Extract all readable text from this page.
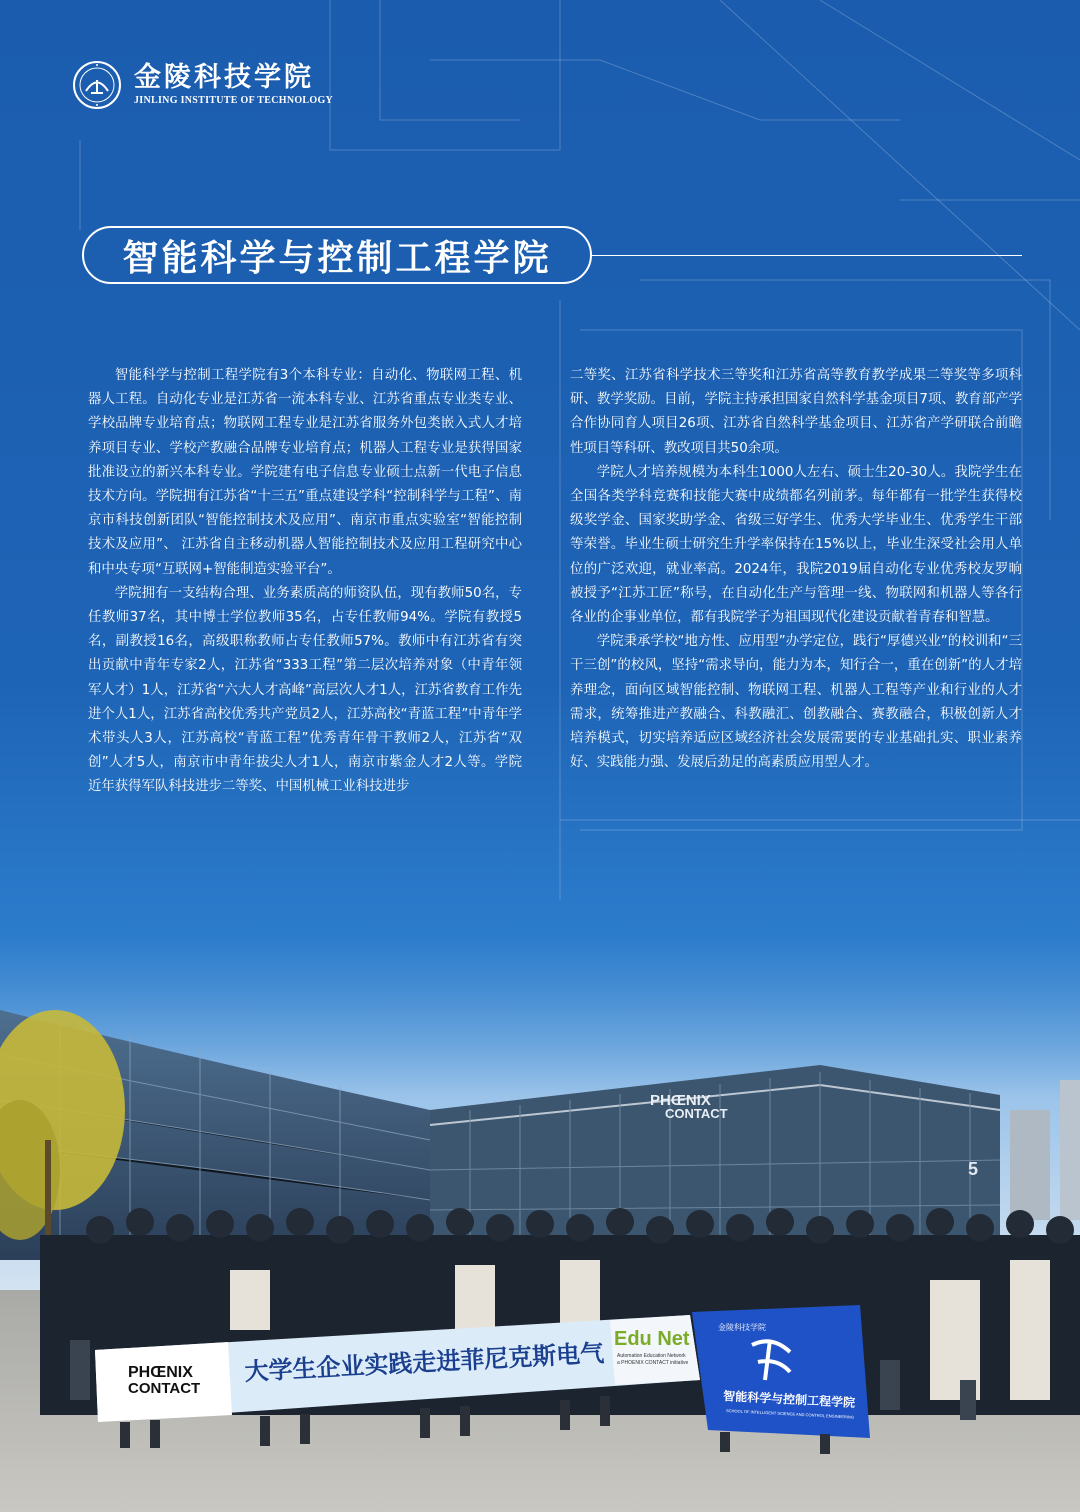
金陵科技学院
JINLING INSTITUTE OF TECHNOLOGY
智能科学与控制工程学院

智能科学与控制工程学院有3个本科专业：自动化、物联网工程、机器人工程。自动化专业是江苏省一流本科专业、江苏省重点专业类专业、学校品牌专业培育点；物联网工程专业是江苏省服务外包类嵌入式人才培养项目专业、学校产教融合品牌专业培育点；机器人工程专业是获得国家批准设立的新兴本科专业。学院建有电子信息专业硕士点新一代电子信息技术方向。学院拥有江苏省“十三五”重点建设学科“控制科学与工程”、南京市科技创新团队“智能控制技术及应用”、南京市重点实验室“智能控制技术及应用”、 江苏省自主移动机器人智能控制技术及应用工程研究中心和中央专项“互联网+智能制造实验平台”。

学院拥有一支结构合理、业务素质高的师资队伍，现有教师50名，专任教师37名，其中博士学位教师35名，占专任教师94%。学院有教授5名，副教授16名，高级职称教师占专任教师57%。教师中有江苏省有突出贡献中青年专家2人，江苏省“333工程”第二层次培养对象（中青年领军人才）1人，江苏省“六大人才高峰”高层次人才1人，江苏省教育工作先进个人1人，江苏省高校优秀共产党员2人，江苏高校“青蓝工程”中青年学术带头人3人，江苏高校“青蓝工程”优秀青年骨干教师2人，江苏省“双创”人才5人，南京市中青年拔尖人才1人，南京市紫金人才2人等。学院近年获得军队科技进步二等奖、中国机械工业科技进步

二等奖、江苏省科学技术三等奖和江苏省高等教育教学成果二等奖等多项科研、教学奖励。目前，学院主持承担国家自然科学基金项目7项、教育部产学合作协同育人项目26项、江苏省自然科学基金项目、江苏省产学研联合前瞻性项目等科研、教改项目共50余项。

学院人才培养规模为本科生1000人左右、硕士生20-30人。我院学生在全国各类学科竞赛和技能大赛中成绩都名列前茅。每年都有一批学生获得校级奖学金、国家奖助学金、省级三好学生、优秀大学毕业生、优秀学生干部等荣誉。毕业生硕士研究生升学率保持在15%以上，毕业生深受社会用人单位的广泛欢迎，就业率高。2024年，我院2019届自动化专业优秀校友罗晌被授予“江苏工匠”称号，在自动化生产与管理一线、物联网和机器人等各行各业的企事业单位，都有我院学子为祖国现代化建设贡献着青春和智慧。

学院秉承学校“地方性、应用型”办学定位，践行“厚德兴业”的校训和“三干三创”的校风，坚持“需求导向，能力为本，知行合一，重在创新”的人才培养理念，面向区域智能控制、物联网工程、机器人工程等产业和行业的人才需求，统筹推进产教融合、科教融汇、创教融合、赛教融合，积极创新人才培养模式，切实培养适应区域经济社会发展需要的专业基础扎实、职业素养好、实践能力强、发展后劲足的高素质应用型人才。

PHŒNIX
CONTACT
5
PHŒNIX
CONTACT
大学生企业实践走进菲尼克斯电气 Edu Net
Automation Education Network
a PHOENIX CONTACT initiative
金陵科技学院
智能科学与控制工程学院
SCHOOL OF INTELLIGENT SCIENCE AND CONTROL ENGINEERING
